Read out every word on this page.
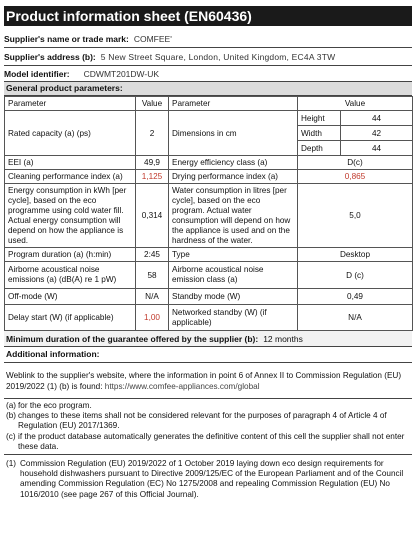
Product information sheet (EN60436)
Supplier's name or trade mark: COMFEE'
Supplier's address (b): 5 New Street Square, London, United Kingdom, EC4A 3TW
Model identifier: CDWMT201DW-UK
General product parameters:
Parameter	Value	Parameter	Value	
Rated capacity (a) (ps)	2	Dimensions in cm	Height	44
			Width	42
			Depth	44
EEI (a)	49,9	Energy efficiency class (a)	D(c)	
Cleaning performance index (a)	1,125	Drying performance index (a)	0,865	
Energy consumption in kWh [per cycle], based on the eco programme using cold water fill. Actual energy consumption will depend on how the appliance is used.	0,314	Water consumption in litres [per cycle], based on the eco program. Actual water consumption will depend on how the appliance is used and on the hardness of the water.	5,0	
Program duration (a) (h:min)	2:45	Type	Desktop	
Airborne acoustical noise emissions (a) (dB(A) re 1 pW)	58	Airborne acoustical noise emission class (a)	D (c)	
Off-mode (W)	N/A	Standby mode (W)	0,49	
Delay start (W) (if applicable)	1,00	Networked standby (W) (if applicable)	N/A	
Minimum duration of the guarantee offered by the supplier (b): 12 months
Additional information:
Weblink to the supplier's website, where the information in point 6 of Annex II to Commission Regulation (EU) 2019/2022 (1) (b) is found: https://www.comfee-appliances.com/global
(a) for the eco program.
(b) changes to these items shall not be considered relevant for the purposes of paragraph 4 of Article 4 of Regulation (EU) 2017/1369.
(c) if the product database automatically generates the definitive content of this cell the supplier shall not enter these data.
(1) Commission Regulation (EU) 2019/2022 of 1 October 2019 laying down eco design requirements for household dishwashers pursuant to Directive 2009/125/EC of the European Parliament and of the Council amending Commission Regulation (EC) No 1275/2008 and repealing Commission Regulation (EU) No 1016/2010 (see page 267 of this Official Journal).
